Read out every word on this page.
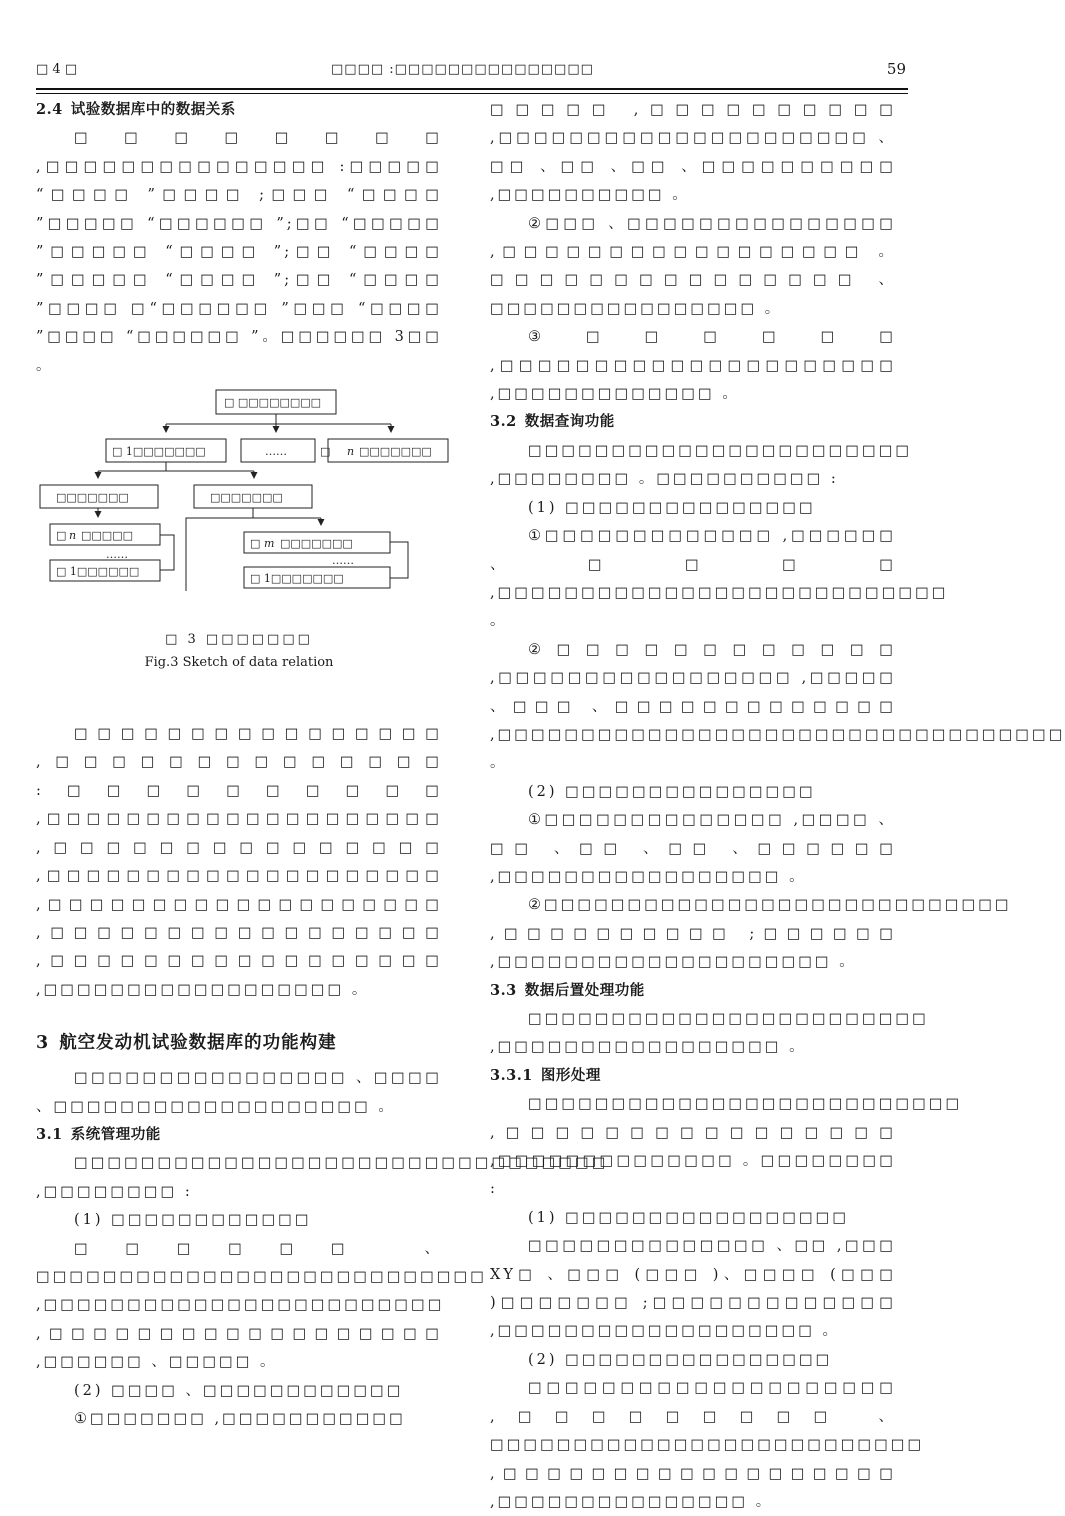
□ 4 □	□□□□ :□□□□□□□□□□□□□□□	59
2.4 试验数据库中的数据关系

□□□□□□□□ ,□□□□□□□□□□□□□□□ :□□□□□ “□□□□ ”□□□□ ;□□□ “□□□□ ”□□□□□ “□□□□□□ ”;□□ “□□□□□ ”□□□□□ “□□□□ ”;□□ “□□□□ ”□□□□□ “□□□□ ”;□□ “□□□□ ”□□□□ □“□□□□□□ ”□□□ “□□□□ ”□□□□ “□□□□□□ ”。□□□□□□ 3□□ 。

□ □□□□□□□□
□ 1□□□□□□□	……	□ n □□□□□□□
□□□□□□□	□□□□□□□
□ n □□□□□
……
□ 1□□□□□□
□ m □□□□□□□
……
□ 1□□□□□□□

□ 3 □□□□□□□

Fig.3 Sketch of data relation

□□□□□□□□□□□□□□□□ ,□□□□□□□□□□□□□□ :□□□□□□□□□□ ,□□□□□□□□□□□□□□□□□□□□ ,□□□□□□□□□□□□□□□ ,□□□□□□□□□□□□□□□□□□□□ ,□□□□□□□□□□□□□□□□□□□ ,□□□□□□□□□□□□□□□□□ ,□□□□□□□□□□□□□□□□□ ,□□□□□□□□□□□□□□□□□□ 。

3 航空发动机试验数据库的功能构建

□□□□□□□□□□□□□□□□ 、□□□□ 、□□□□□□□□□□□□□□□□□□□ 。

3.1 系统管理功能

□□□□□□□□□□□□□□□□□□□□□□□□□□□□□□□□ ,□□□□□□□□ :

(1) □□□□□□□□□□□□

□□□□□□ 、□□□□□□□□□□□□□□□□□□□□□□□□□□□ ,□□□□□□□□□□□□□□□□□□□□□□□□ ,□□□□□□□□□□□□□□□□□□ ,□□□□□□ 、□□□□□ 。

(2) □□□□ 、□□□□□□□□□□□□

①□□□□□□□ ,□□□□□□□□□□□

□□□□□ ,□□□□□□□□□□ ,□□□□□□□□□□□□□□□□□□□□□ 、□□ 、□□ 、□□ 、□□□□□□□□□□ ,□□□□□□□□□□ 。

②□□□ 、□□□□□□□□□□□□□□□ ,□□□□□□□□□□□□□□□□□ 。□□□□□□□□□□□□□□□ 、□□□□□□□□□□□□□□□□ 。

③□□□□□□ ,□□□□□□□□□□□□□□□□□□□□□ ,□□□□□□□□□□□□□ 。

3.2 数据查询功能

□□□□□□□□□□□□□□□□□□□□□□□ ,□□□□□□□□ 。□□□□□□□□□□ :

(1) □□□□□□□□□□□□□□□

①□□□□□□□□□□□□□ ,□□□□□□ 、□□□□ ,□□□□□□□□□□□□□□□□□□□□□□□□□□□ 。

②□□□□□□□□□□□□ ,□□□□□□□□□□□□□□□□□ ,□□□□□ 、□□□ 、□□□□□□□□□□□□□ ,□□□□□□□□□□□□□□□□□□□□□□□□□□□□□□□□□□ 。

(2) □□□□□□□□□□□□□□□

①□□□□□□□□□□□□□□ ,□□□□ 、□□ 、□□ 、□□ 、□□□□□□ ,□□□□□□□□□□□□□□□□□ 。

②□□□□□□□□□□□□□□□□□□□□□□□□□□□□ ,□□□□□□□□□□ ;□□□□□□ ,□□□□□□□□□□□□□□□□□□□□ 。

3.3 数据后置处理功能

□□□□□□□□□□□□□□□□□□□□□□□□ ,□□□□□□□□□□□□□□□□□ 。

3.3.1 图形处理

□□□□□□□□□□□□□□□□□□□□□□□□□□ ,□□□□□□□□□□□□□□□□ ,□□□□□□□□□□□□□□ 。□□□□□□□□ :

(1) □□□□□□□□□□□□□□□□□

□□□□□□□□□□□□□□ 、□□ ,□□□ XY□ 、□□□ (□□□ )、□□□□ (□□□ )□□□□□□□ ;□□□□□□□□□□□□□ ,□□□□□□□□□□□□□□□□□□□ 。

(2) □□□□□□□□□□□□□□□□

□□□□□□□□□□□□□□□□□□□□ ,□□□□□□□□□ 、□□□□□□□□□□□□□□□□□□□□□□□□□□ ,□□□□□□□□□□□□□□□□□□ ,□□□□□□□□□□□□□□□ 。
